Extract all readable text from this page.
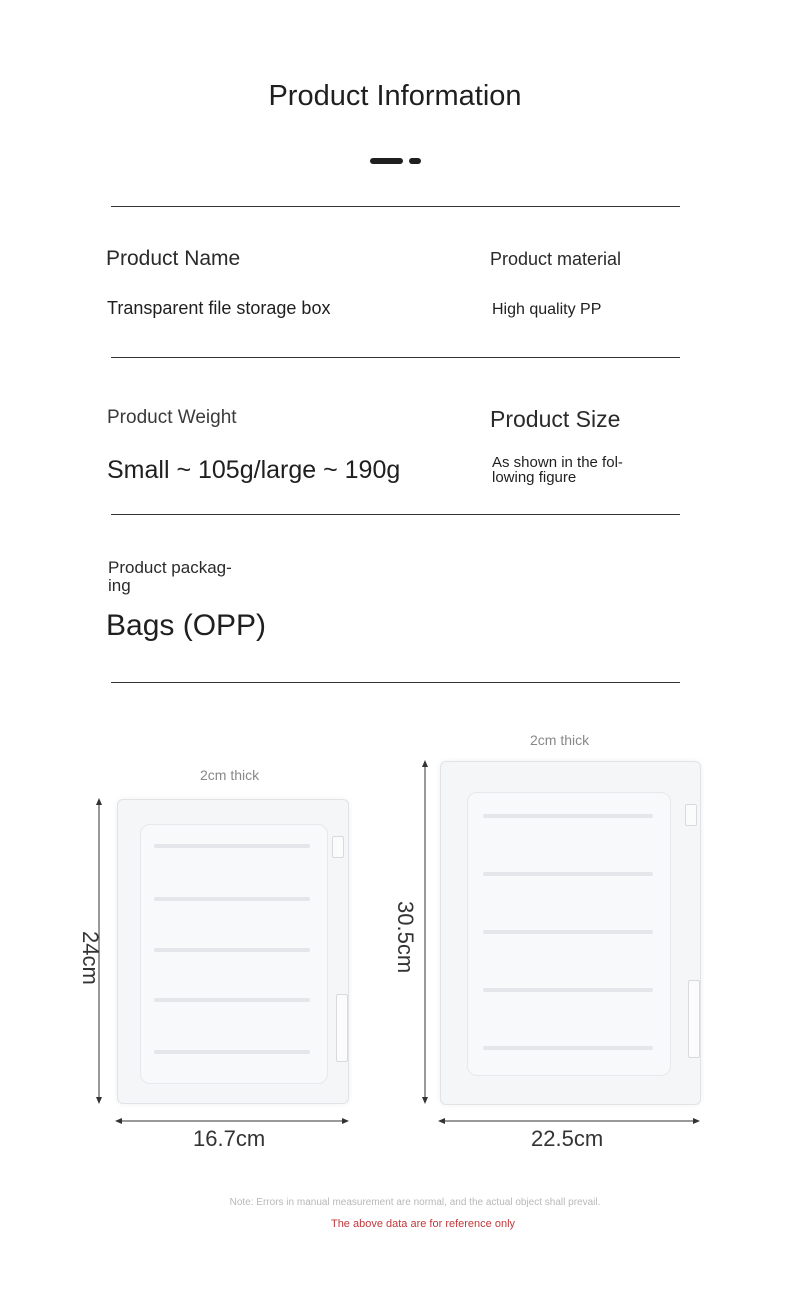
Product Information
Product Name
Transparent file storage box
Product material
High quality PP
Product Weight
Small ~ 105g/large ~ 190g
Product Size
As shown in the fol-
lowing figure
Product packag-
ing
Bags (OPP)
2cm thick
24cm
16.7cm
2cm thick
30.5cm
22.5cm
Note: Errors in manual measurement are normal, and the actual object shall prevail.
The above data are for reference only
